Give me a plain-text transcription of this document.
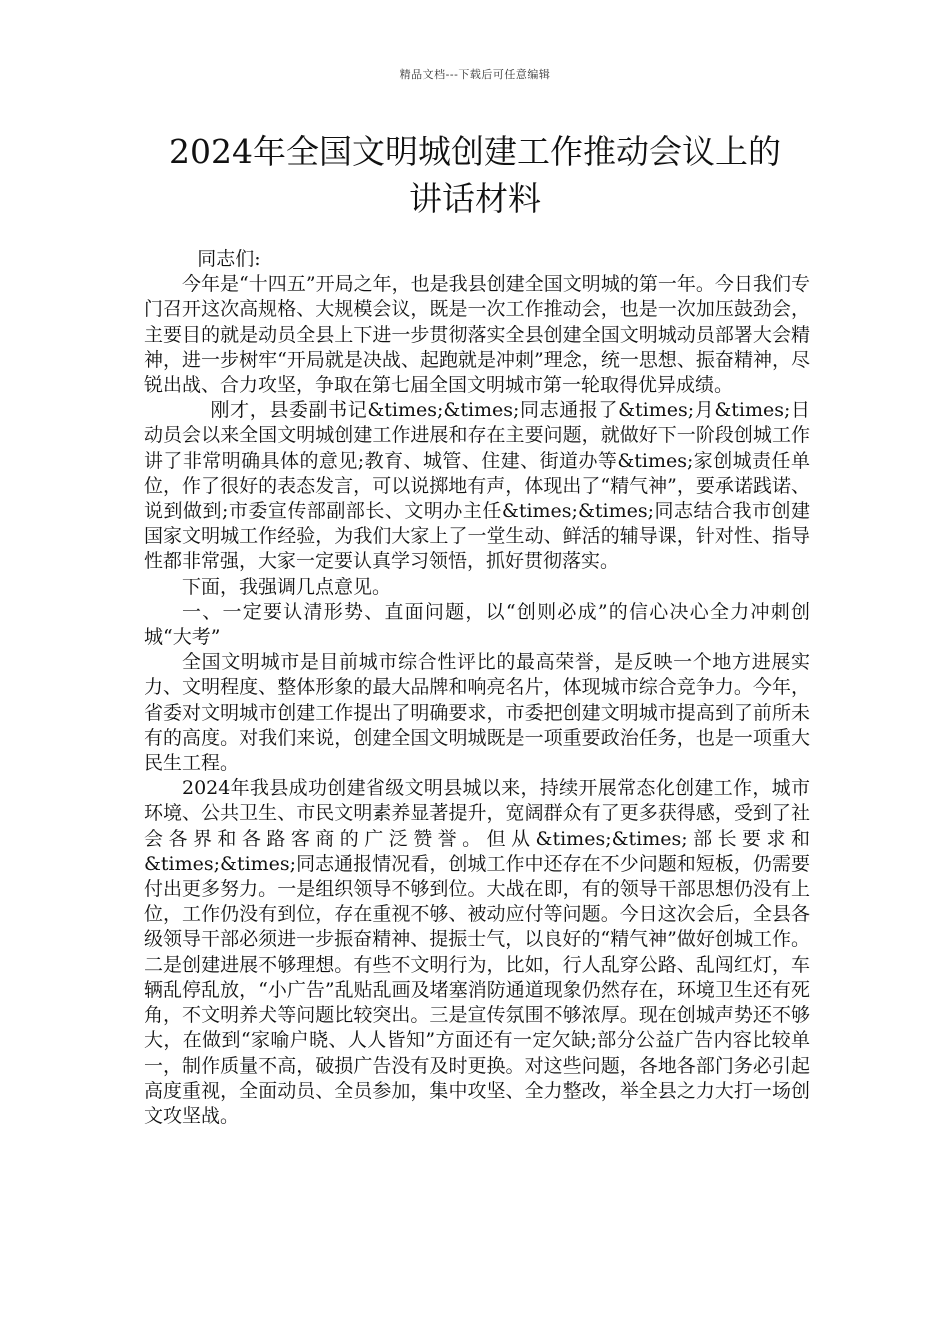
精品文档---下载后可任意编辑
2024年全国文明城创建工作推动会议上的
讲话材料

同志们:

今年是“十四五”开局之年，也是我县创建全国文明城的第一年。今日我们专门召开这次高规格、大规模会议，既是一次工作推动会，也是一次加压鼓劲会，主要目的就是动员全县上下进一步贯彻落实全县创建全国文明城动员部署大会精神，进一步树牢“开局就是决战、起跑就是冲刺”理念，统一思想、振奋精神，尽锐出战、合力攻坚，争取在第七届全国文明城市第一轮取得优异成绩。

刚才，县委副书记&times;&times;同志通报了&times;月&times;日动员会以来全国文明城创建工作进展和存在主要问题，就做好下一阶段创城工作讲了非常明确具体的意见;教育、城管、住建、街道办等&times;家创城责任单位，作了很好的表态发言，可以说掷地有声，体现出了“精气神”，要承诺践诺、说到做到;市委宣传部副部长、文明办主任&times;&times;同志结合我市创建国家文明城工作经验，为我们大家上了一堂生动、鲜活的辅导课，针对性、指导性都非常强，大家一定要认真学习领悟，抓好贯彻落实。

下面，我强调几点意见。

一、一定要认清形势、直面问题，以“创则必成”的信心决心全力冲刺创城“大考”

全国文明城市是目前城市综合性评比的最高荣誉，是反映一个地方进展实力、文明程度、整体形象的最大品牌和响亮名片，体现城市综合竞争力。今年，省委对文明城市创建工作提出了明确要求，市委把创建文明城市提高到了前所未有的高度。对我们来说，创建全国文明城既是一项重要政治任务，也是一项重大民生工程。

2024年我县成功创建省级文明县城以来，持续开展常态化创建工作，城市环境、公共卫生、市民文明素养显著提升，宽阔群众有了更多获得感，受到了社会各界和各路客商的广泛赞誉。但从&times;&times;部长要求和&times;&times;同志通报情况看，创城工作中还存在不少问题和短板，仍需要付出更多努力。一是组织领导不够到位。大战在即，有的领导干部思想仍没有上位，工作仍没有到位，存在重视不够、被动应付等问题。今日这次会后，全县各级领导干部必须进一步振奋精神、提振士气，以良好的“精气神”做好创城工作。二是创建进展不够理想。有些不文明行为，比如，行人乱穿公路、乱闯红灯，车辆乱停乱放，“小广告”乱贴乱画及堵塞消防通道现象仍然存在，环境卫生还有死角，不文明养犬等问题比较突出。三是宣传氛围不够浓厚。现在创城声势还不够大，在做到“家喻户晓、人人皆知”方面还有一定欠缺;部分公益广告内容比较单一，制作质量不高，破损广告没有及时更换。对这些问题，各地各部门务必引起高度重视，全面动员、全员参加，集中攻坚、全力整改，举全县之力大打一场创文攻坚战。
